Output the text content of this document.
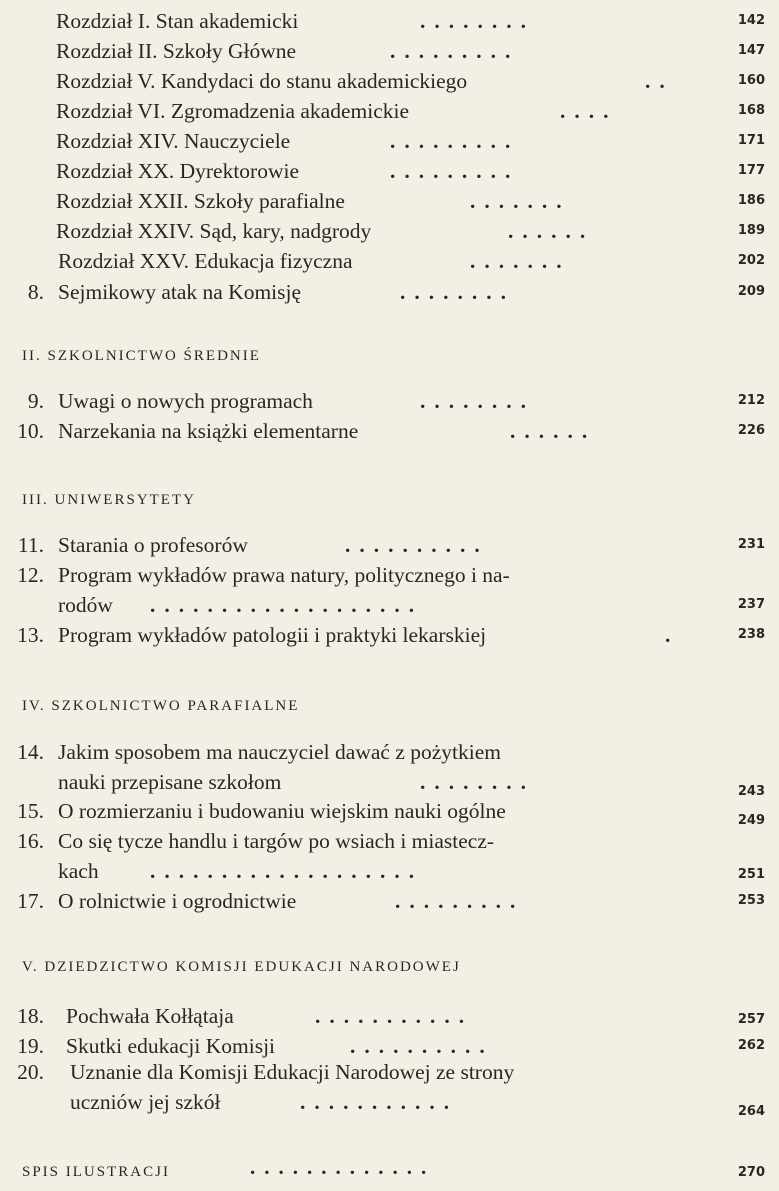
Rozdział I. Stan akademicki	........	142
Rozdział II. Szkoły Główne	.........	147
Rozdział V. Kandydaci do stanu akademickiego	..	160
Rozdział VI. Zgromadzenia akademickie	....	168
Rozdział XIV. Nauczyciele	.........	171
Rozdział XX. Dyrektorowie	.........	177
Rozdział XXII. Szkoły parafialne	.......	186
Rozdział XXIV. Sąd, kary, nadgrody	......	189
Rozdział XXV. Edukacja fizyczna	.......	202
8. Sejmikowy atak na Komisję	........	209
II. SZKOLNICTWO ŚREDNIE
9. Uwagi o nowych programach	........	212
10. Narzekania na książki elementarne	......	226
III. UNIWERSYTETY
11. Starania o profesorów	..........	231
12. Program wykładów prawa natury, politycznego i na-
rodów ...................	237
13. Program wykładów patologii i praktyki lekarskiej	.	238
IV. SZKOLNICTWO PARAFIALNE
14. Jakim sposobem ma nauczyciel dawać z pożytkiem
nauki przepisane szkołom	........	243
15. O rozmierzaniu i budowaniu wiejskim nauki ogólne	249
16. Co się tycze handlu i targów po wsiach i miastecz-
kach ...................	251
17. O rolnictwie i ogrodnictwie	.........	253
V. DZIEDZICTWO KOMISJI EDUKACJI NARODOWEJ
18. Pochwała Kołłątaja	...........	257
19. Skutki edukacji Komisji	..........	262
20. Uznanie dla Komisji Edukacji Narodowej ze strony
uczniów jej szkół	...........	264
SPIS ILUSTRACJI	270
.............
